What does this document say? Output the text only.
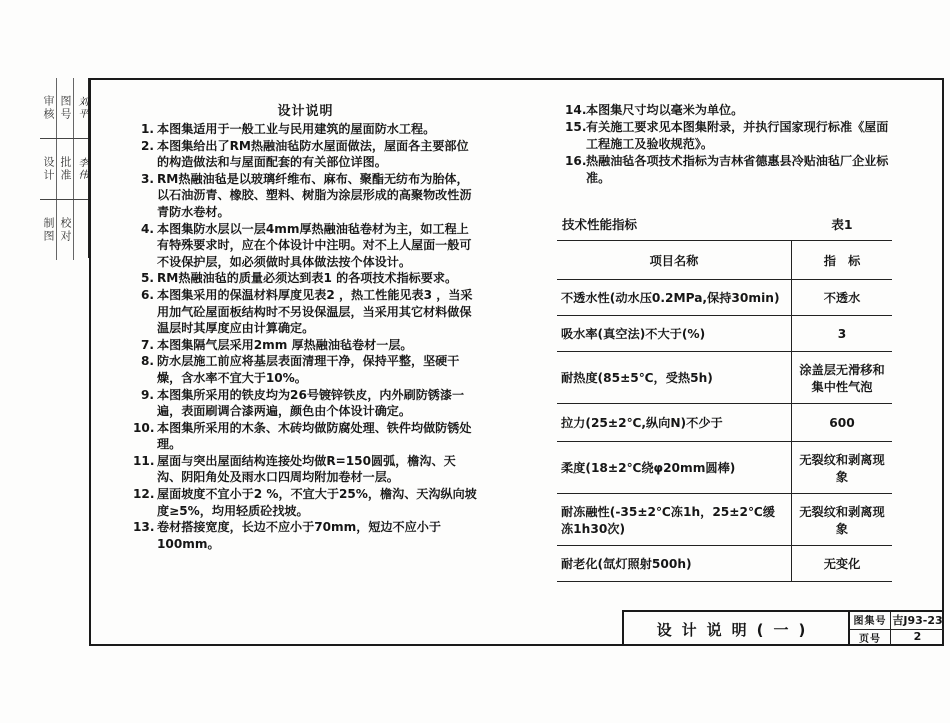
审核 图号 刘平
设计 批准 李伟
制图 校对
设计说明
1. 本图集适用于一般工业与民用建筑的屋面防水工程。
2. 本图集给出了RM热融油毡防水屋面做法，屋面各主要部位的构造做法和与屋面配套的有关部位详图。
3. RM热融油毡是以玻璃纤维布、麻布、聚酯无纺布为胎体，以石油沥青、橡胶、塑料、树脂为涂层形成的高聚物改性沥青防水卷材。
4. 本图集防水层以一层4mm厚热融油毡卷材为主，如工程上有特殊要求时，应在个体设计中注明。对不上人屋面一般可不设保护层，如必须做时具体做法按个体设计。
5. RM热融油毡的质量必须达到表1 的各项技术指标要求。
6. 本图集采用的保温材料厚度见表2 ，热工性能见表3 ，当采用加气砼屋面板结构时不另设保温层，当采用其它材料做保温层时其厚度应由计算确定。
7. 本图集隔气层采用2mm 厚热融油毡卷材一层。
8. 防水层施工前应将基层表面清理干净，保持平整，坚硬干燥，含水率不宜大于10%。
9. 本图集所采用的铁皮均为26号镀锌铁皮，内外刷防锈漆一遍，表面刷调合漆两遍，颜色由个体设计确定。
10. 本图集所采用的木条、木砖均做防腐处理、铁件均做防锈处理。
11. 屋面与突出屋面结构连接处均做R=150圆弧，檐沟、天沟、阴阳角处及雨水口四周均附加卷材一层。
12. 屋面坡度不宜小于2 %，不宜大于25%，檐沟、天沟纵向坡度≥5%，均用轻质砼找坡。
13. 卷材搭接宽度，长边不应小于70mm，短边不应小于100mm。
14. 本图集尺寸均以毫米为单位。
15. 有关施工要求见本图集附录，并执行国家现行标准《屋面工程施工及验收规范》。
16. 热融油毡各项技术指标为吉林省德惠县冷贴油毡厂企业标准。
技术性能指标	表1
项目名称	指　标
不透水性(动水压0.2MPa,保持30min)	不透水
吸水率(真空法)不大于(%)	3
耐热度(85±5℃，受热5h)	涂盖层无滑移和集中性气泡
拉力(25±2℃,纵向N)不少于	600
柔度(18±2℃绕φ20mm圆棒)	无裂纹和剥离现象
耐冻融性(-35±2℃冻1h，25±2℃缓冻1h30次)	无裂纹和剥离现象
耐老化(氙灯照射500h)	无变化
设计说明(一)	图集号 吉J93-23
页号	2
